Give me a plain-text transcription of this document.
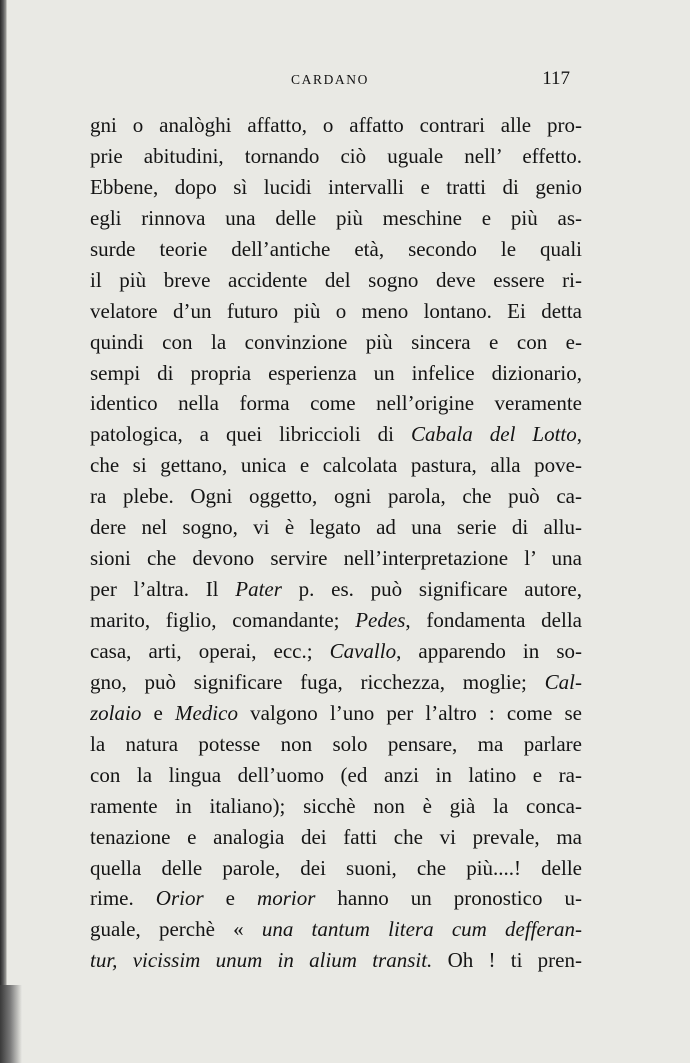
CARDANO	117
gni o analòghi affatto, o affatto contrari alle pro-
prie abitudini, tornando ciò uguale nell’ effetto.
Ebbene, dopo sì lucidi intervalli e tratti di genio
egli rinnova una delle più meschine e più as-
surde teorie dell’antiche età, secondo le quali
il più breve accidente del sogno deve essere ri-
velatore d’un futuro più o meno lontano. Ei detta
quindi con la convinzione più sincera e con e-
sempi di propria esperienza un infelice dizionario,
identico nella forma come nell’origine veramente
patologica, a quei libriccioli di Cabala del Lotto,
che si gettano, unica e calcolata pastura, alla pove-
ra plebe. Ogni oggetto, ogni parola, che può ca-
dere nel sogno, vi è legato ad una serie di allu-
sioni che devono servire nell’interpretazione l’ una
per l’altra. Il Pater p. es. può significare autore,
marito, figlio, comandante; Pedes, fondamenta della
casa, arti, operai, ecc.; Cavallo, apparendo in so-
gno, può significare fuga, ricchezza, moglie; Cal-
zolaio e Medico valgono l’uno per l’altro : come se
la natura potesse non solo pensare, ma parlare
con la lingua dell’uomo (ed anzi in latino e ra-
ramente in italiano); sicchè non è già la conca-
tenazione e analogia dei fatti che vi prevale, ma
quella delle parole, dei suoni, che più....! delle
rime. Orior e morior hanno un pronostico u-
guale, perchè « una tantum litera cum defferan-
tur, vicissim unum in alium transit. Oh ! ti pren-
